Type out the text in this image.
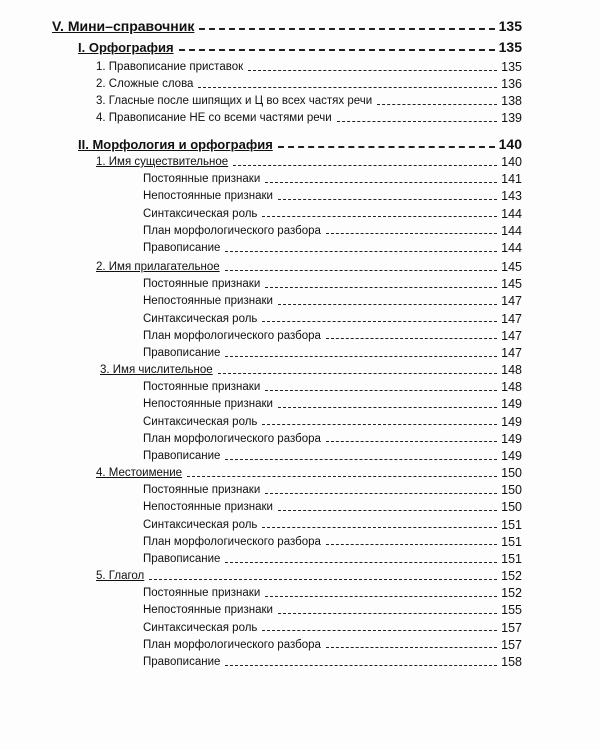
V. Мини–справочник	135
I. Орфография	135
1. Правописание приставок	135
2. Сложные слова	136
3. Гласные после шипящих и Ц во всех частях речи	138
4. Правописание НЕ со всеми частями речи	139
II. Морфология и орфография	140
1. Имя существительное	140
Постоянные признаки	141
Непостоянные признаки	143
Синтаксическая роль	144
План морфологического разбора	144
Правописание	144
2. Имя прилагательное	145
Постоянные признаки	145
Непостоянные признаки	147
Синтаксическая роль	147
План морфологического разбора	147
Правописание	147
3. Имя числительное	148
Постоянные признаки	148
Непостоянные признаки	149
Синтаксическая роль	149
План морфологического разбора	149
Правописание	149
4. Местоимение	150
Постоянные признаки	150
Непостоянные признаки	150
Синтаксическая роль	151
План морфологического разбора	151
Правописание	151
5. Глагол	152
Постоянные признаки	152
Непостоянные признаки	155
Синтаксическая роль	157
План морфологического разбора	157
Правописание	158
